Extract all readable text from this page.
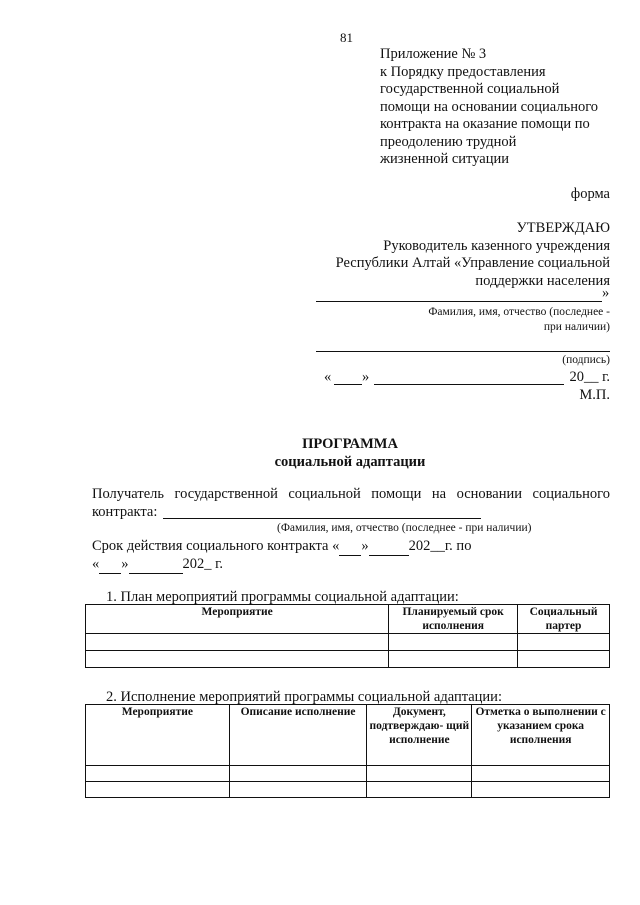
81
Приложение № 3
к Порядку предоставления
государственной социальной
помощи на основании социального
контракта на оказание помощи по
преодолению трудной
жизненной ситуации
форма
УТВЕРЖДАЮ
Руководитель казенного учреждения
Республики Алтай «Управление социальной
поддержки населения
»
Фамилия, имя, отчество (последнее -
при наличии)
(подпись)
« »	20__ г.
М.П.
ПРОГРАММА
социальной адаптации
Получатель государственной социальной помощи на основании социального
контракта:
(Фамилия, имя, отчество (последнее - при наличии)
Срок действия социального контракта « »	202__г. по
« »	202_ г.
1. План мероприятий программы социальной адаптации:
Мероприятие	Планируемый срок исполнения	Социальный партер

2. Исполнение мероприятий программы социальной адаптации:
Мероприятие	Описание исполнение	Документ, подтверждаю- щий исполнение	Отметка о выполнении с указанием срока исполнения
